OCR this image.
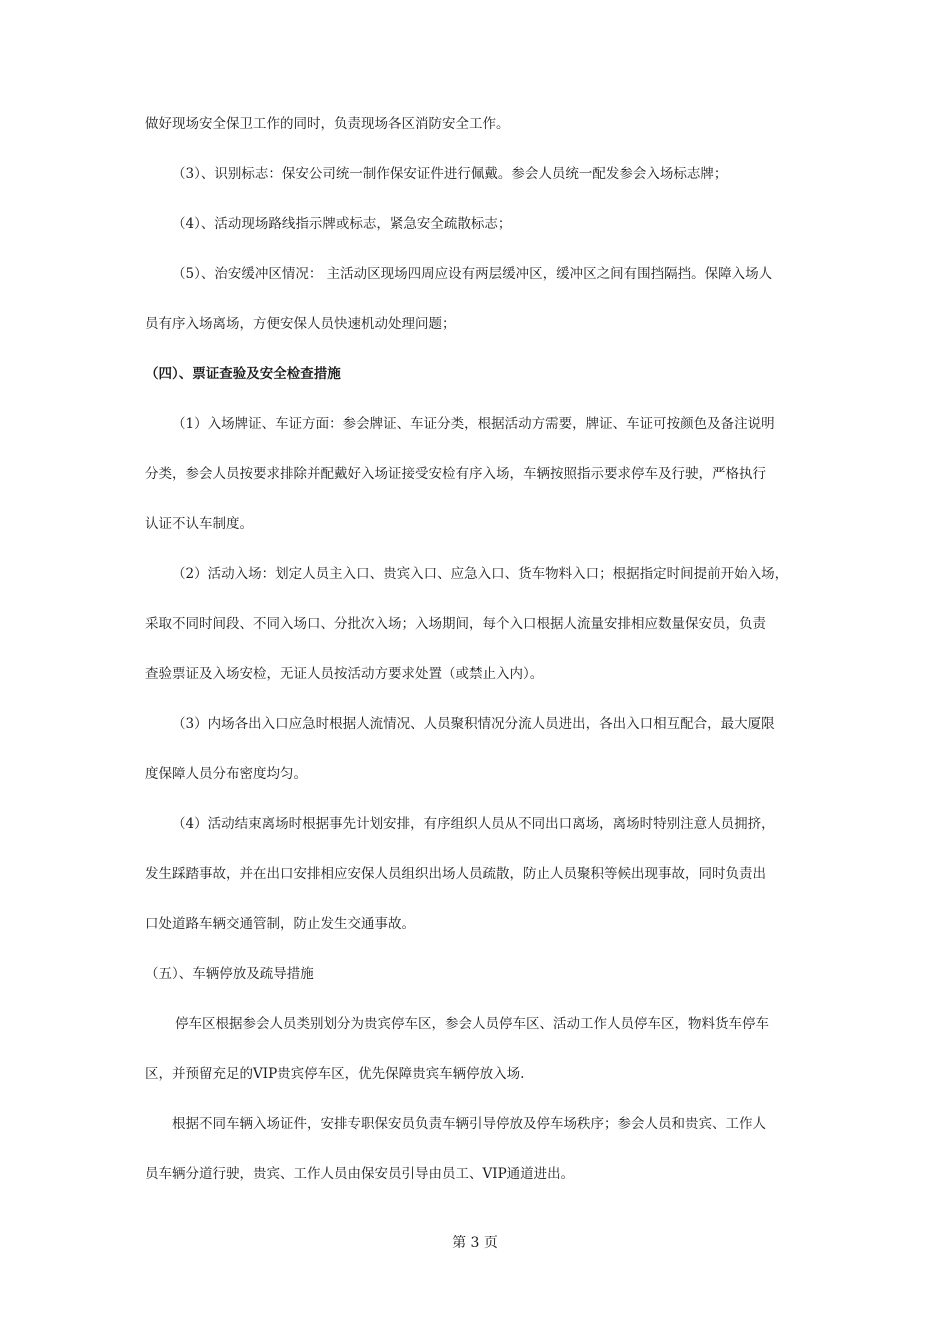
做好现场安全保卫工作的同时，负责现场各区消防安全工作。
（3）、识别标志：保安公司统一制作保安证件进行佩戴。参会人员统一配发参会入场标志牌；
（4）、活动现场路线指示牌或标志，紧急安全疏散标志；
（5）、治安缓冲区情况： 主活动区现场四周应设有两层缓冲区，缓冲区之间有围挡隔挡。保障入场人
员有序入场离场，方便安保人员快速机动处理问题；
（四）、票证查验及安全检查措施
（1）入场牌证、车证方面：参会牌证、车证分类，根据活动方需要，牌证、车证可按颜色及备注说明
分类，参会人员按要求排除并配戴好入场证接受安检有序入场，车辆按照指示要求停车及行驶，严格执行
认证不认车制度。
（2）活动入场：划定人员主入口、贵宾入口、应急入口、货车物料入口；根据指定时间提前开始入场，
采取不同时间段、不同入场口、分批次入场；入场期间，每个入口根据人流量安排相应数量保安员，负责
查验票证及入场安检，无证人员按活动方要求处置（或禁止入内）。
（3）内场各出入口应急时根据人流情况、人员聚积情况分流人员进出，各出入口相互配合，最大厦限
度保障人员分布密度均匀。
（4）活动结束离场时根据事先计划安排，有序组织人员从不同出口离场，离场时特别注意人员拥挤，
发生踩踏事故，并在出口安排相应安保人员组织出场人员疏散，防止人员聚积等候出现事故，同时负责出
口处道路车辆交通管制，防止发生交通事故。
（五）、车辆停放及疏导措施
停车区根据参会人员类别划分为贵宾停车区，参会人员停车区、活动工作人员停车区，物料货车停车
区，并预留充足的VIP贵宾停车区，优先保障贵宾车辆停放入场.
根据不同车辆入场证件，安排专职保安员负责车辆引导停放及停车场秩序；参会人员和贵宾、工作人
员车辆分道行驶，贵宾、工作人员由保安员引导由员工、VIP通道进出。
第 3 页
